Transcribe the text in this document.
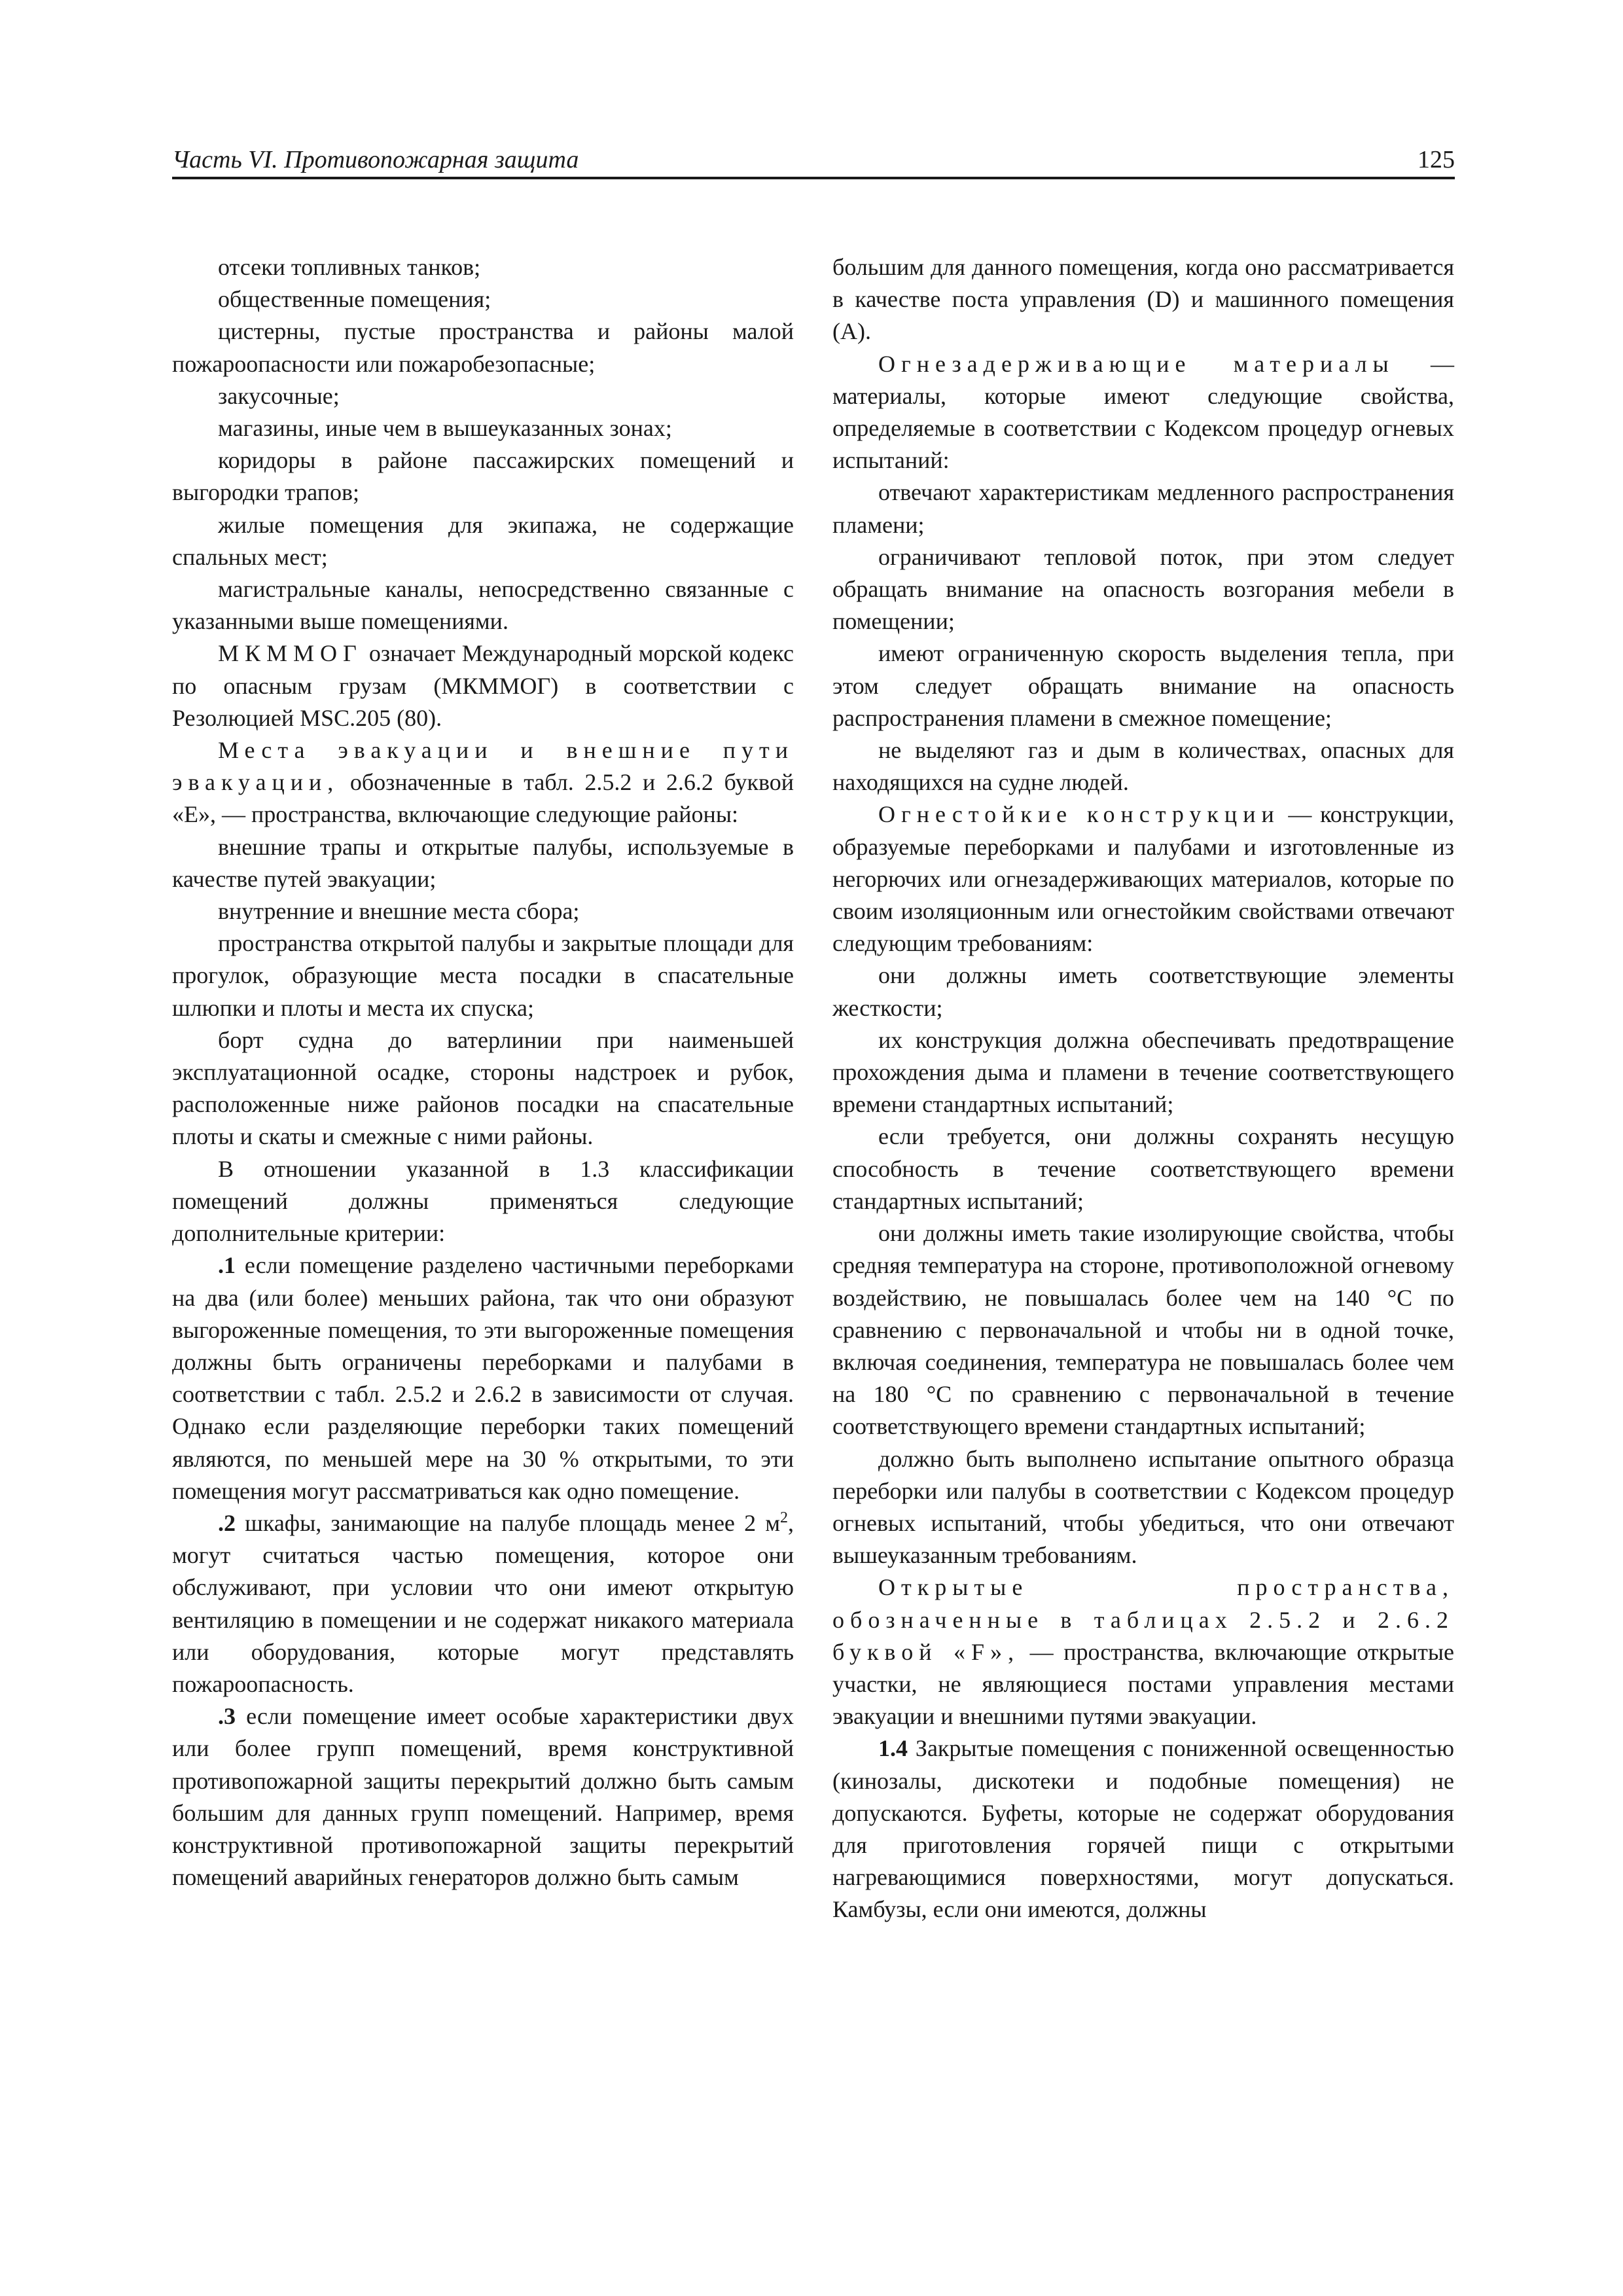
Часть VI. Противопожарная защита	125

отсеки топливных танков;

общественные помещения;

цистерны, пустые пространства и районы малой пожароопасности или пожаробезопасные;

закусочные;

магазины, иные чем в вышеуказанных зонах;

коридоры в районе пассажирских помещений и выгородки трапов;

жилые помещения для экипажа, не содержащие спальных мест;

магистральные каналы, непосредственно связанные с указанными выше помещениями.

МКММОГ означает Международный морской кодекс по опасным грузам (МКММОГ) в соответствии с Резолюцией MSC.205 (80).

Места эвакуации и внешние пути эвакуации, обозначенные в табл. 2.5.2 и 2.6.2 буквой «E», — пространства, включающие следующие районы:

внешние трапы и открытые палубы, используемые в качестве путей эвакуации;

внутренние и внешние места сбора;

пространства открытой палубы и закрытые площади для прогулок, образующие места посадки в спасательные шлюпки и плоты и места их спуска;

борт судна до ватерлинии при наименьшей эксплуатационной осадке, стороны надстроек и рубок, расположенные ниже районов посадки на спасательные плоты и скаты и смежные с ними районы.

В отношении указанной в 1.3 классификации помещений должны применяться следующие дополнительные критерии:

.1 если помещение разделено частичными переборками на два (или более) меньших района, так что они образуют выгороженные помещения, то эти выгороженные помещения должны быть ограничены переборками и палубами в соответствии с табл. 2.5.2 и 2.6.2 в зависимости от случая. Однако если разделяющие переборки таких помещений являются, по меньшей мере на 30 % открытыми, то эти помещения могут рассматриваться как одно помещение.

.2 шкафы, занимающие на палубе площадь менее 2 $м^2$, могут считаться частью помещения, которое они обслуживают, при условии что они имеют открытую вентиляцию в помещении и не содержат никакого материала или оборудования, которые могут представлять пожароопасность.

.3 если помещение имеет особые характеристики двух или более групп помещений, время конструктивной противопожарной защиты перекрытий должно быть самым большим для данных групп помещений. Например, время конструктивной противопожарной защиты перекрытий помещений аварийных генераторов должно быть самым

большим для данного помещения, когда оно рассматривается в качестве поста управления (D) и машинного помещения (A).

Огнезадерживающие материалы — материалы, которые имеют следующие свойства, определяемые в соответствии с Кодексом процедур огневых испытаний:

отвечают характеристикам медленного распространения пламени;

ограничивают тепловой поток, при этом следует обращать внимание на опасность возгорания мебели в помещении;

имеют ограниченную скорость выделения тепла, при этом следует обращать внимание на опасность распространения пламени в смежное помещение;

не выделяют газ и дым в количествах, опасных для находящихся на судне людей.

Огнестойкие конструкции — конструкции, образуемые переборками и палубами и изготовленные из негорючих или огнезадерживающих материалов, которые по своим изоляционным или огнестойким свойствами отвечают следующим требованиям:

они должны иметь соответствующие элементы жесткости;

их конструкция должна обеспечивать предотвращение прохождения дыма и пламени в течение соответствующего времени стандартных испытаний;

если требуется, они должны сохранять несущую способность в течение соответствующего времени стандартных испытаний;

они должны иметь такие изолирующие свойства, чтобы средняя температура на стороне, противоположной огневому воздействию, не повышалась более чем на 140 °С по сравнению с первоначальной и чтобы ни в одной точке, включая соединения, температура не повышалась более чем на 180 °С по сравнению с первоначальной в течение соответствующего времени стандартных испытаний;

должно быть выполнено испытание опытного образца переборки или палубы в соответствии с Кодексом процедур огневых испытаний, чтобы убедиться, что они отвечают вышеуказанным требованиям.

Открытые пространства, обозначенные в таблицах 2.5.2 и 2.6.2 буквой «F», — пространства, включающие открытые участки, не являющиеся постами управления местами эвакуации и внешними путями эвакуации.

1.4 Закрытые помещения с пониженной освещенностью (кинозалы, дискотеки и подобные помещения) не допускаются. Буфеты, которые не содержат оборудования для приготовления горячей пищи с открытыми нагревающимися поверхностями, могут допускаться. Камбузы, если они имеются, должны
